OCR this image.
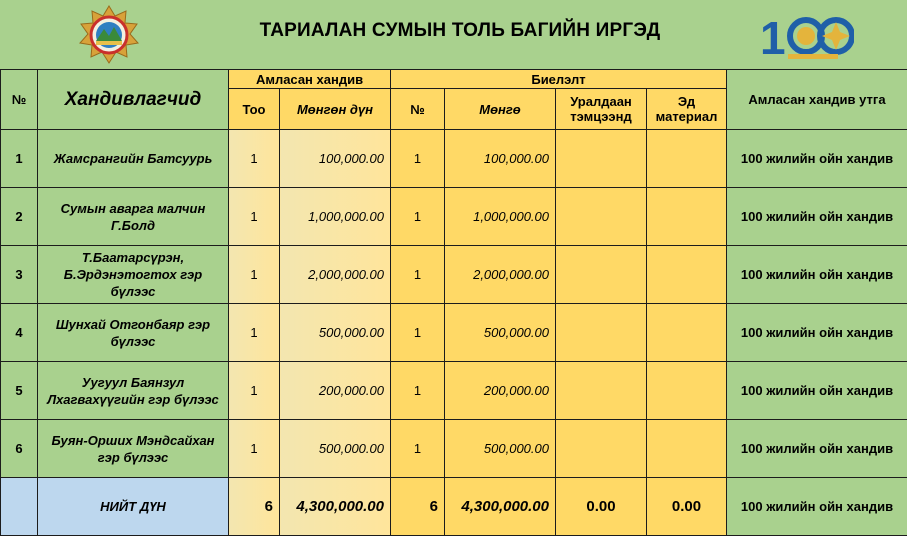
ТАРИАЛАН СУМЫН ТОЛЬ БАГИЙН ИРГЭД	1
№	Хандивлагчид	Амласан хандив		Биелэлт				Амласан хандив утга
		Тоо	Мөнгөн дүн	№	Мөнгө	Уралдаан тэмцээнд	Эд материал	
1	Жамсрангийн Батсуурь	1	100,000.00	1	100,000.00			100 жилийн ойн хандив
2	Сумын аварга малчин Г.Болд	1	1,000,000.00	1	1,000,000.00			100 жилийн ойн хандив
3	Т.Баатарсүрэн, Б.Эрдэнэтогтох гэр бүлээс	1	2,000,000.00	1	2,000,000.00			100 жилийн ойн хандив
4	Шунхай Отгонбаяр гэр бүлээс	1	500,000.00	1	500,000.00			100 жилийн ойн хандив
5	Уугуул Баянзул Лхагвахүүгийн гэр бүлээс	1	200,000.00	1	200,000.00			100 жилийн ойн хандив
6	Буян-Орших Мэндсайхан гэр бүлээс	1	500,000.00	1	500,000.00			100 жилийн ойн хандив
	НИЙТ ДҮН	6	4,300,000.00	6	4,300,000.00	0.00	0.00	100 жилийн ойн хандив
